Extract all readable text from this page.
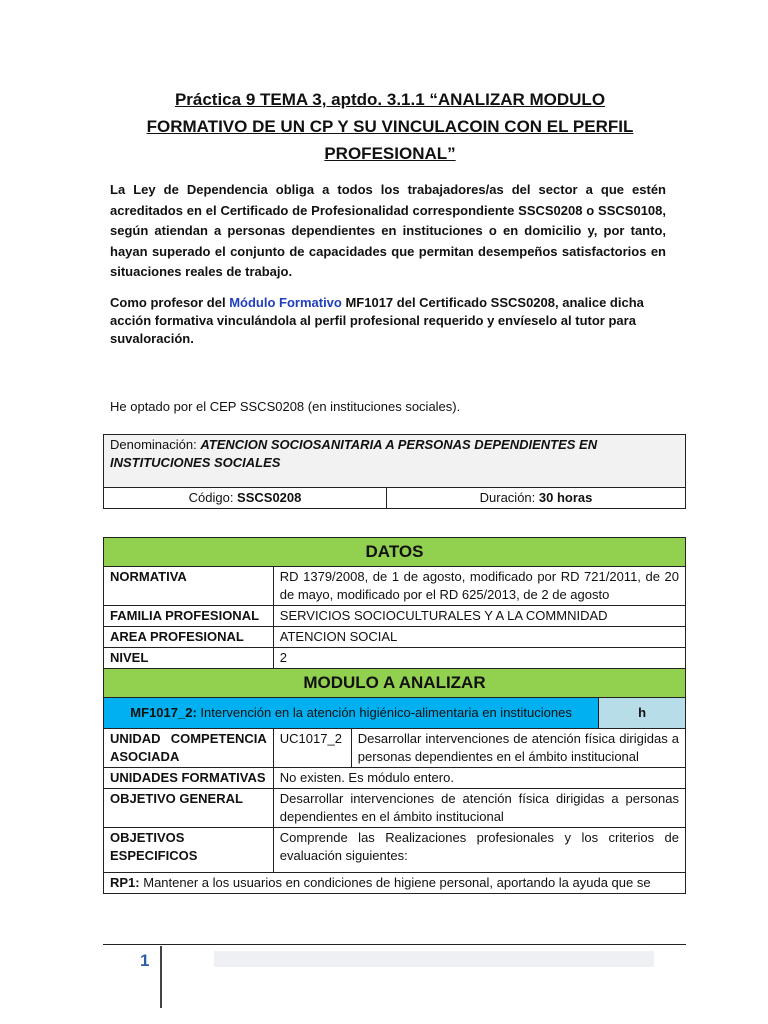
Práctica 9 TEMA 3, aptdo. 3.1.1 “ANALIZAR MODULO
FORMATIVO DE UN CP Y SU VINCULACOIN CON EL PERFIL
PROFESIONAL”
La Ley de Dependencia obliga a todos los trabajadores/as del sector a que estén acreditados en el Certificado de Profesionalidad correspondiente SSCS0208 o SSCS0108, según atiendan a personas dependientes en instituciones o en domicilio y, por tanto, hayan superado el conjunto de capacidades que permitan desempeños satisfactorios en situaciones reales de trabajo.
Como profesor del Módulo Formativo MF1017 del Certificado SSCS0208, analice dicha acción formativa vinculándola al perfil profesional requerido y envíeselo al tutor para suvaloración.
He optado por el CEP SSCS0208 (en instituciones sociales).
Denominación: ATENCION SOCIOSANITARIA A PERSONAS DEPENDIENTES EN INSTITUCIONES SOCIALES
Código: SSCS0208	Duración: 30 horas
DATOS			
NORMATIVA	RD 1379/2008, de 1 de agosto, modificado por RD 721/2011, de 20 de mayo, modificado por el RD 625/2013, de 2 de agosto		
FAMILIA PROFESIONAL	SERVICIOS SOCIOCULTURALES Y A LA COMMNIDAD		
AREA PROFESIONAL	ATENCION SOCIAL		
NIVEL	2		
MODULO A ANALIZAR			
MF1017_2: Intervención en la atención higiénico-alimentaria en instituciones			h
UNIDAD COMPETENCIA ASOCIADA	UC1017_2	Desarrollar intervenciones de atención física dirigidas a personas dependientes en el ámbito institucional	
UNIDADES FORMATIVAS	No existen. Es módulo entero.		
OBJETIVO GENERAL	Desarrollar intervenciones de atención física dirigidas a personas dependientes en el ámbito institucional		
OBJETIVOS ESPECIFICOS	Comprende las Realizaciones profesionales y los criterios de evaluación siguientes:		
RP1: Mantener a los usuarios en condiciones de higiene personal, aportando la ayuda que se			
1
